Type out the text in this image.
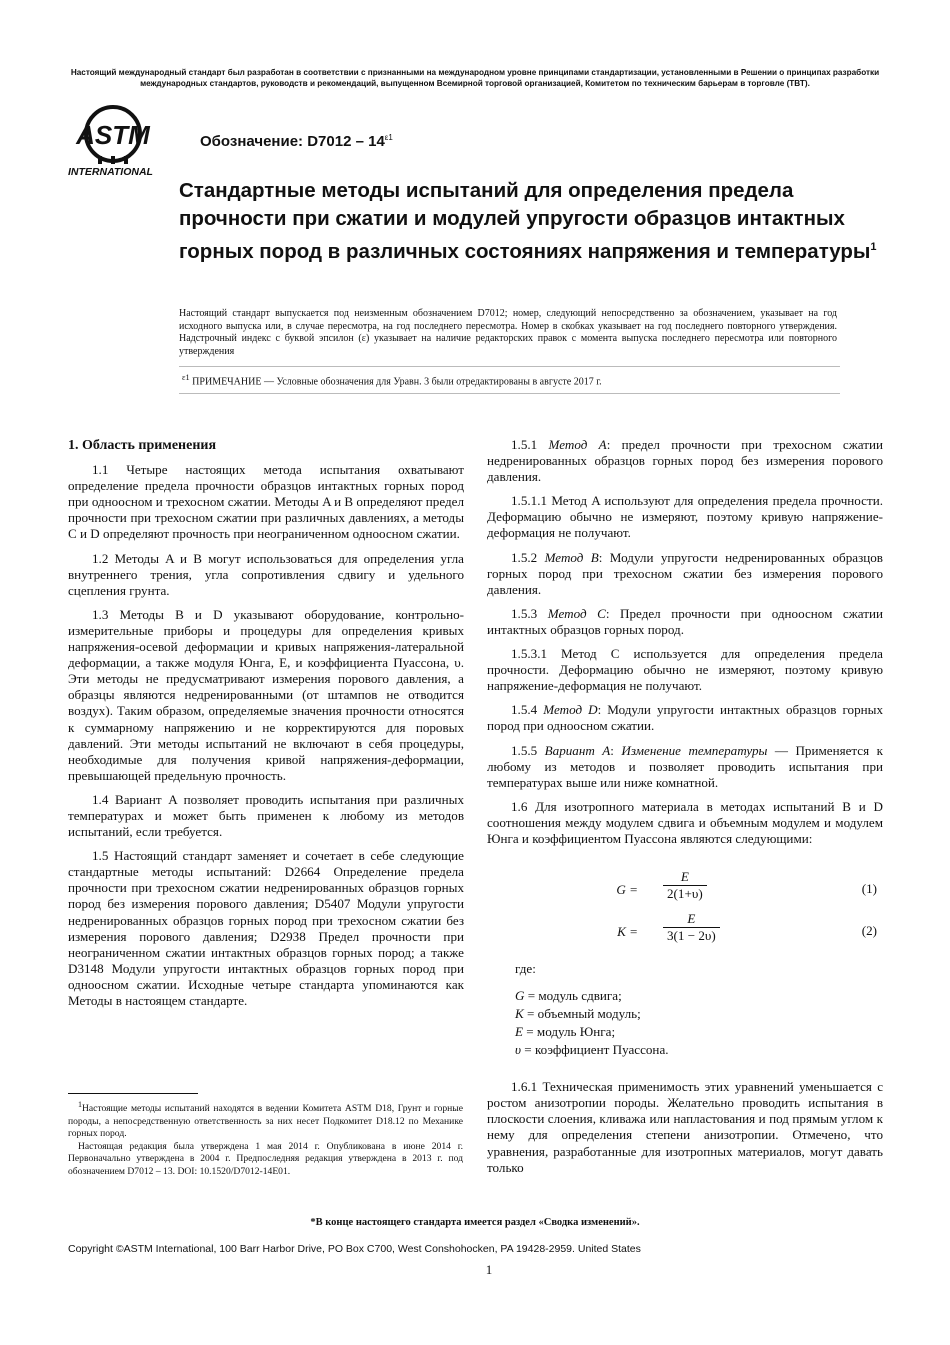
Настоящий международный стандарт был разработан в соответствии с признанными на международном уровне принципами стандартизации, установленными в Решении о принципах разработки международных стандартов, руководств и рекомендаций, выпущенном Всемирной торговой организацией, Комитетом по техническим барьерам в торговле (ТВТ).
ASTM
INTERNATIONAL
Обозначение: $D7012 - 14^{\varepsilon 1}$
Стандартные методы испытаний для определения предела прочности при сжатии и модулей упругости образцов интактных горных пород в различных состояниях напряжения и температуры$^1$
Настоящий стандарт выпускается под неизменным обозначением D7012; номер, следующий непосредственно за обозначением, указывает на год исходного выпуска или, в случае пересмотра, на год последнего пересмотра. Номер в скобках указывает на год последнего повторного утверждения. Надстрочный индекс с буквой эпсилон (ε) указывает на наличие редакторских правок с момента выпуска последнего пересмотра или повторного утверждения
$^{\varepsilon 1}$ ПРИМЕЧАНИЕ — Условные обозначения для Уравн. 3 были отредактированы в августе 2017 г.
1. Область применения

1.1 Четыре настоящих метода испытания охватывают определение предела прочности образцов интактных горных пород при одноосном и трехосном сжатии. Методы A и B определяют предел прочности при трехосном сжатии при различных давлениях, а методы C и D определяют прочность при неограниченном одноосном сжатии.

1.2 Методы A и B могут использоваться для определения угла внутреннего трения, угла сопротивления сдвигу и удельного сцепления грунта.

1.3 Методы B и D указывают оборудование, контрольно-измерительные приборы и процедуры для определения кривых напряжения-осевой деформации и кривых напряжения-латеральной деформации, а также модуля Юнга, E, и коэффициента Пуассона, υ. Эти методы не предусматривают измерения порового давления, а образцы являются недренированными (от штампов не отводится воздух). Таким образом, определяемые значения прочности относятся к суммарному напряжению и не корректируются для поровых давлений. Эти методы испытаний не включают в себя процедуры, необходимые для получения кривой напряжения-деформации, превышающей предельную прочность.

1.4 Вариант A позволяет проводить испытания при различных температурах и может быть применен к любому из методов испытаний, если требуется.

1.5 Настоящий стандарт заменяет и сочетает в себе следующие стандартные методы испытаний: D2664 Определение предела прочности при трехосном сжатии недренированных образцов горных пород без измерения порового давления; D5407 Модули упругости недренированных образцов горных пород при трехосном сжатии без измерения порового давления; D2938 Предел прочности при неограниченном сжатии интактных образцов горных пород; а также D3148 Модули упругости интактных образцов горных пород при одноосном сжатии. Исходные четыре стандарта упоминаются как Методы в настоящем стандарте.

1.5.1 Метод A: предел прочности при трехосном сжатии недренированных образцов горных пород без измерения порового давления.

1.5.1.1 Метод A используют для определения предела прочности. Деформацию обычно не измеряют, поэтому кривую напряжение-деформация не получают.

1.5.2 Метод B: Модули упругости недренированных образцов горных пород при трехосном сжатии без измерения порового давления.

1.5.3 Метод C: Предел прочности при одноосном сжатии интактных образцов горных пород.

1.5.3.1 Метод C используется для определения предела прочности. Деформацию обычно не измеряют, поэтому кривую напряжение-деформация не получают.

1.5.4 Метод D: Модули упругости интактных образцов горных пород при одноосном сжатии.

1.5.5 Вариант A: Изменение температуры — Применяется к любому из методов и позволяет проводить испытания при температурах выше или ниже комнатной.

1.6 Для изотропного материала в методах испытаний B и D соотношения между модулем сдвига и объемным модулем и модулем Юнга и коэффициентом Пуассона являются следующими:

$G = \frac{E}{2(1+\upsilon)}$	(1)
$K = \frac{E}{3(1 - 2\upsilon)}$	(2)
где:
G = модуль сдвига;
K = объемный модуль;
E = модуль Юнга;
υ = коэффициент Пуассона.

1.6.1 Техническая применимость этих уравнений уменьшается с ростом анизотропии породы. Желательно проводить испытания в плоскости слоения, кливажа или напластования и под прямым углом к нему для определения степени анизотропии. Отмечено, что уравнения, разработанные для изотропных материалов, могут давать только

$^1$Настоящие методы испытаний находятся в ведении Комитета ASTM D18, Грунт и горные породы, а непосредственную ответственность за них несет Подкомитет D18.12 по Механике горных пород.

Настоящая редакция была утверждена 1 мая 2014 г. Опубликована в июне 2014 г. Первоначально утверждена в 2004 г. Предпоследняя редакция утверждена в 2013 г. под обозначением D7012 – 13. DOI: 10.1520/D7012-14E01.

*В конце настоящего стандарта имеется раздел «Сводка изменений».
Copyright ©ASTM International, 100 Barr Harbor Drive, PO Box C700, West Conshohocken, PA 19428-2959. United States
1
